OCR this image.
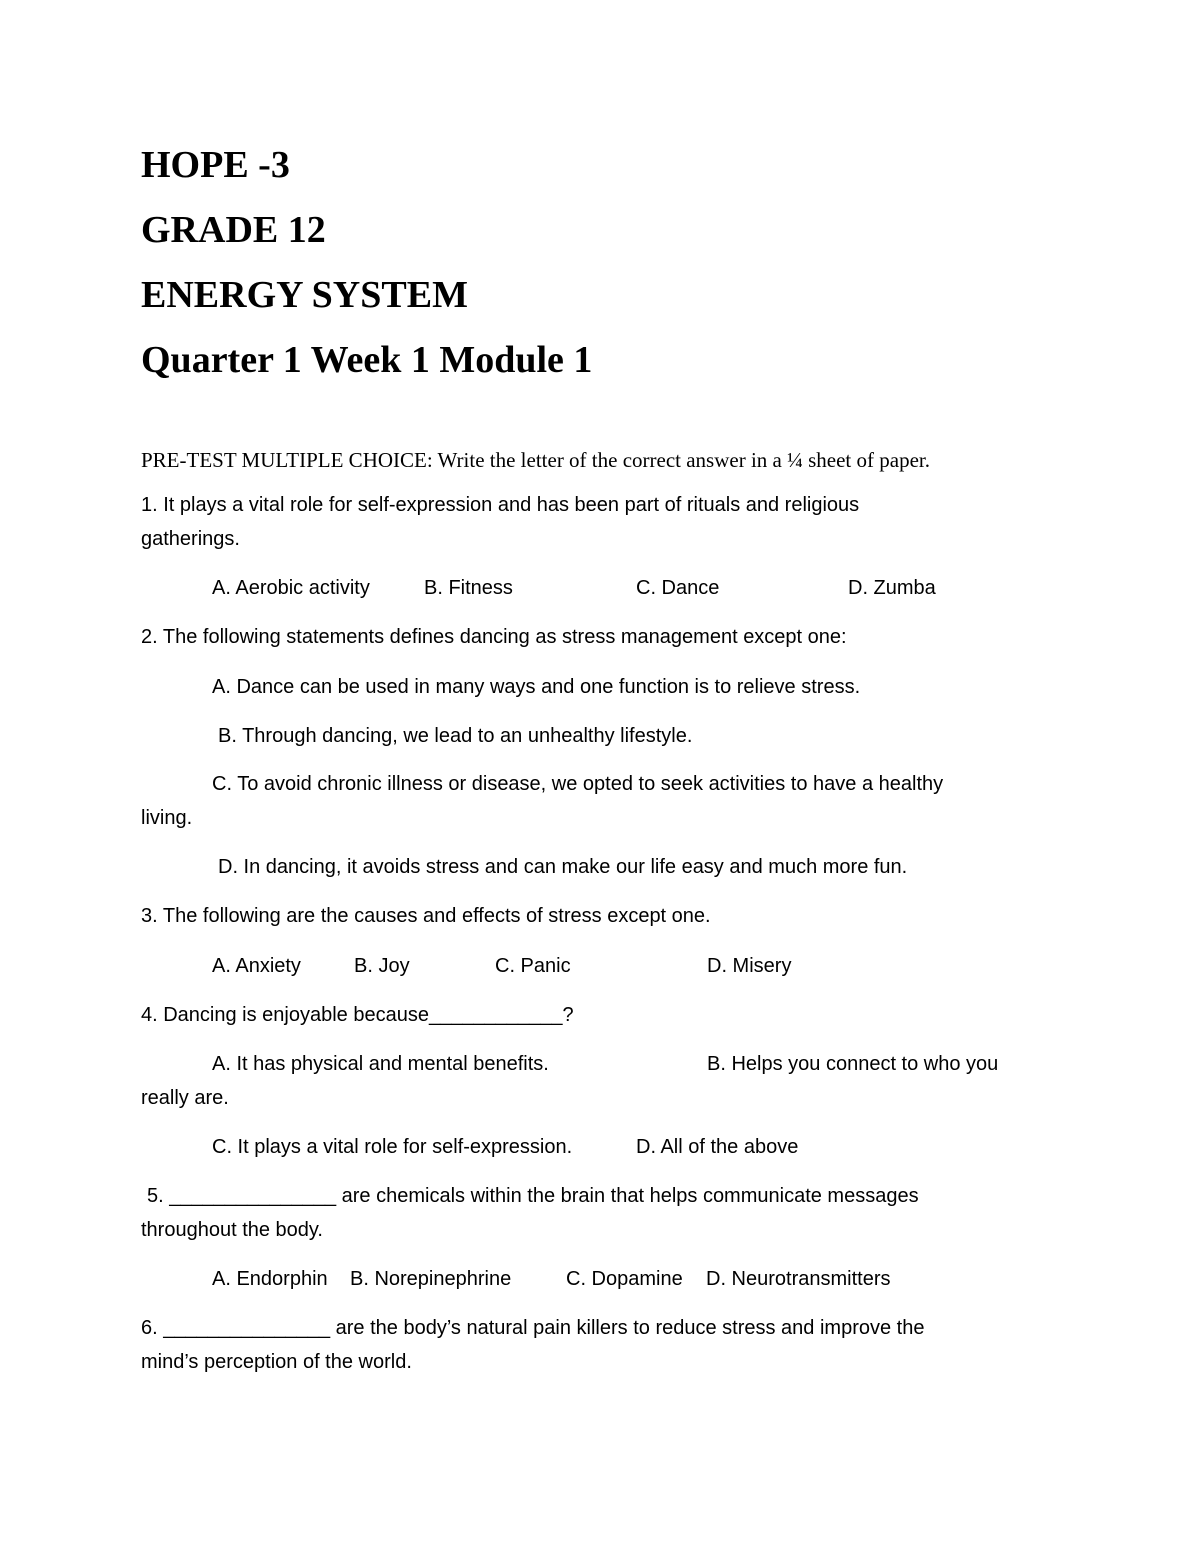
HOPE -3
GRADE 12
ENERGY SYSTEM
Quarter 1 Week 1 Module 1
PRE-TEST MULTIPLE CHOICE: Write the letter of the correct answer in a ¼ sheet of paper.
1. It plays a vital role for self-expression and has been part of rituals and religious
gatherings.
A. Aerobic activity	B. Fitness	C. Dance	D. Zumba
2. The following statements defines dancing as stress management except one:
A. Dance can be used in many ways and one function is to relieve stress.
B. Through dancing, we lead to an unhealthy lifestyle.
C. To avoid chronic illness or disease, we opted to seek activities to have a healthy
living.
D. In dancing, it avoids stress and can make our life easy and much more fun.
3. The following are the causes and effects of stress except one.
A. Anxiety	B. Joy	C. Panic	D. Misery
4. Dancing is enjoyable because____________?
A. It has physical and mental benefits.	B. Helps you connect to who you
really are.
C. It plays a vital role for self-expression.	D. All of the above
5. _______________ are chemicals within the brain that helps communicate messages
throughout the body.
A. Endorphin B. Norepinephrine	C. Dopamine D. Neurotransmitters
6. _______________ are the body’s natural pain killers to reduce stress and improve the
mind’s perception of the world.
